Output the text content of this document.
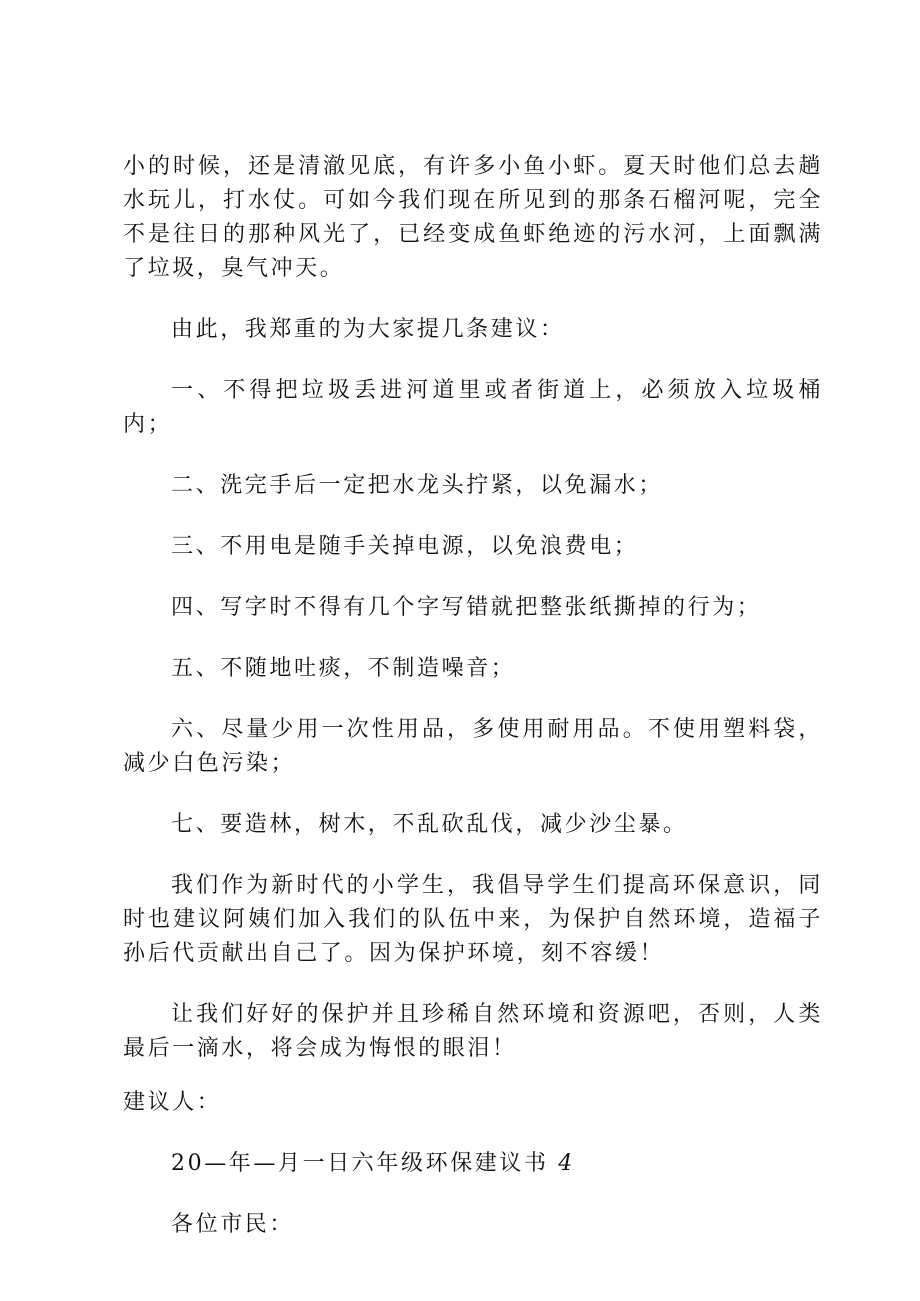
小的时候，还是清澈见底，有许多小鱼小虾。夏天时他们总去趟水玩儿，打水仗。可如今我们现在所见到的那条石榴河呢，完全不是往日的那种风光了，已经变成鱼虾绝迹的污水河，上面飘满了垃圾，臭气冲天。

由此，我郑重的为大家提几条建议：

一、不得把垃圾丢进河道里或者街道上，必须放入垃圾桶内；

二、洗完手后一定把水龙头拧紧，以免漏水；

三、不用电是随手关掉电源，以免浪费电；

四、写字时不得有几个字写错就把整张纸撕掉的行为；

五、不随地吐痰，不制造噪音；

六、尽量少用一次性用品，多使用耐用品。不使用塑料袋，减少白色污染；

七、要造林，树木，不乱砍乱伐，减少沙尘暴。

我们作为新时代的小学生，我倡导学生们提高环保意识，同时也建议阿姨们加入我们的队伍中来，为保护自然环境，造福子孙后代贡献出自己了。因为保护环境，刻不容缓！

让我们好好的保护并且珍稀自然环境和资源吧，否则，人类最后一滴水，将会成为悔恨的眼泪！

建议人：

20—年—月一日六年级环保建议书 4

各位市民：
